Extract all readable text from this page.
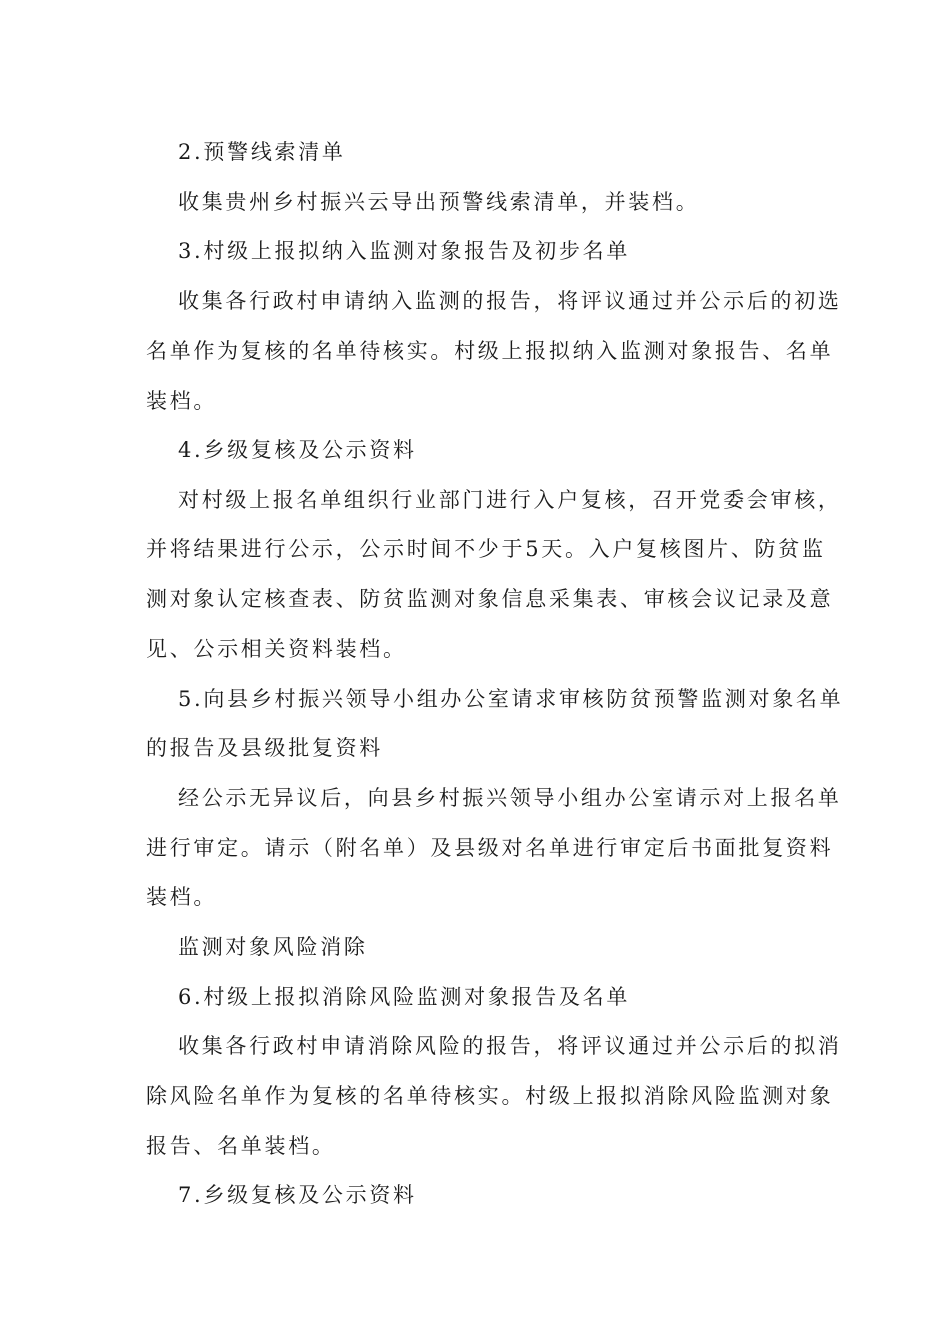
2.预警线索清单
收集贵州乡村振兴云导出预警线索清单，并装档。
3.村级上报拟纳入监测对象报告及初步名单
收集各行政村申请纳入监测的报告，将评议通过并公示后的初选
名单作为复核的名单待核实。村级上报拟纳入监测对象报告、名单
装档。
4.乡级复核及公示资料
对村级上报名单组织行业部门进行入户复核，召开党委会审核，
并将结果进行公示，公示时间不少于5天。入户复核图片、防贫监
测对象认定核查表、防贫监测对象信息采集表、审核会议记录及意
见、公示相关资料装档。
5.向县乡村振兴领导小组办公室请求审核防贫预警监测对象名单
的报告及县级批复资料
经公示无异议后，向县乡村振兴领导小组办公室请示对上报名单
进行审定。请示（附名单）及县级对名单进行审定后书面批复资料
装档。
监测对象风险消除
6.村级上报拟消除风险监测对象报告及名单
收集各行政村申请消除风险的报告，将评议通过并公示后的拟消
除风险名单作为复核的名单待核实。村级上报拟消除风险监测对象
报告、名单装档。
7.乡级复核及公示资料
